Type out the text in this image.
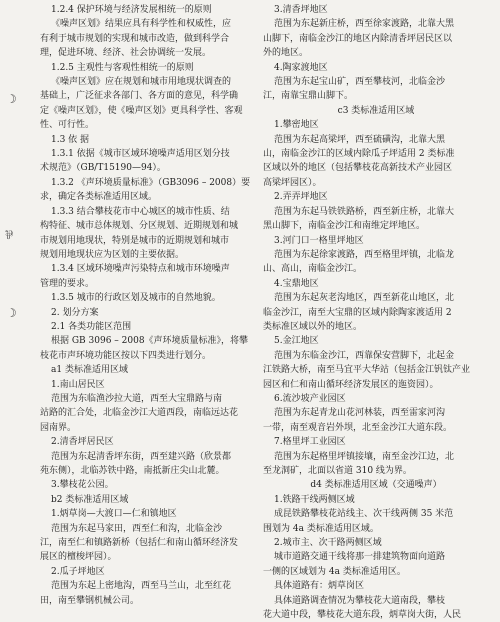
1.2.4 保护环境与经济发展相统一的原则
《噪声区划》结果应具有科学性和权威性，应
有利于城市规划的实现和城市改造，做到科学合
理，促进环境、经济、社会协调统一发展。
1.2.5 主观性与客观性相统一的原则
《噪声区划》应在规划和城市用地现状调查的
基础上，广泛征求各部门、各方面的意见，科学确
定《噪声区划》，使《噪声区划》更具科学性、客观
性、可行性。
1.3 依 据
1.3.1 依据《城市区域环境噪声适用区划分技
术规范》（GB/T15190—94）。
1.3.2 《声环境质量标准》（GB3096 – 2008）要
求，确定各类标准适用区域。
1.3.3 结合攀枝花市中心城区的城市性质、结
构特征、城市总体规划、分区规划、近期规划和城
市规划用地现状，特别是城市的近期规划和城市
规划用地现状应为区划的主要依据。
1.3.4 区域环境噪声污染特点和城市环境噪声
管理的要求。
1.3.5 城市的行政区划及城市的自然地貌。
2. 划分方案
2.1 各类功能区范围
根据 GB 3096 – 2008《声环境质量标准》，将攀
枝花市声环境功能区按以下四类进行划分。
a1 类标准适用区域
1.南山居民区
范围为东临渔沙拉大道，西至大宝鼎路与南
站路的汇合处，北临金沙江大道西段，南临远达花
园南界。
2.清香坪居民区
范围为东起清香坪东街，西至建兴路（欣景都
苑东侧），北临苏铁中路，南抵新庄尖山北麓。
3.攀枝花公园。
b2 类标准适用区域
1.炳草岗—大渡口—仁和镇地区
范围为东起马家田，西至仁和沟，北临金沙
江，南至仁和镇路新桥（包括仁和南山循环经济发
展区的檀梭坪园）。
2.瓜子坪地区
范围为东起上密地沟，西至马兰山，北至红花
田，南至攀钢机械公司。
3.清香坪地区
范围为东起新庄桥，西至徐家渡路，北靠大黑
山脚下，南临金沙江的地区内除清香坪居民区以
外的地区。
4.陶家渡地区
范围为东起宝山矿，西至攀枝河，北临金沙
江，南靠宝鼎山脚下。
c3 类标准适用区域
1.攀密地区
范围为东起高梁坪，西至硫磺沟，北靠大黑
山，南临金沙江的区域内除瓜子坪适用 2 类标准
区域以外的地区（包括攀枝花高新技术产业园区
高梁坪园区）。
2.弄弄坪地区
范围为东起马铁铁路桥，西至新庄桥，北靠大
黑山脚下，南临金沙江和南维定坪地区。
3.河门口一格里坪地区
范围为东起徐家渡路，西至格里坪镇，北临龙
山、高山，南临金沙江。
4.宝鼎地区
范围为东起灰老沟地区，西至新花山地区，北
临金沙江，南至大宝鼎的区域内除陶家渡适用 2
类标准区域以外的地区。
5.金江地区
范围为东临金沙江，西靠保安营脚下，北起金
江铁路大桥，南至马宜平大华站（包括金江钒钛产业
园区和仁和南山循环经济发展区的迤资园）。
6.流沙坡产业园区
范围为东起青龙山花河林装，西至雷家河沟
一带，南至观音岩外坝，北至金沙江大道东段。
7.格里坪工业园区
范围为东起格里坪镇接壤，南至金沙江边，北
至龙洞矿，北面以省道 310 线为界。
d4 类标准适用区域（交通噪声）
1.铁路干线两侧区域
成昆铁路攀枝花站线主、次干线两侧 35 米范
围划为 4a 类标准适用区域。
2.城市主、次干路两侧区域
城市道路交通干线将那一排建筑物面向道路
一侧的区域划为 4a 类标准适用区。
具体道路有：炳草岗区
具体道路调查情况为攀枝花大道南段，攀枝
花大道中段，攀枝花大道东段，炳草岗大街，人民
☽
☽
⅌
